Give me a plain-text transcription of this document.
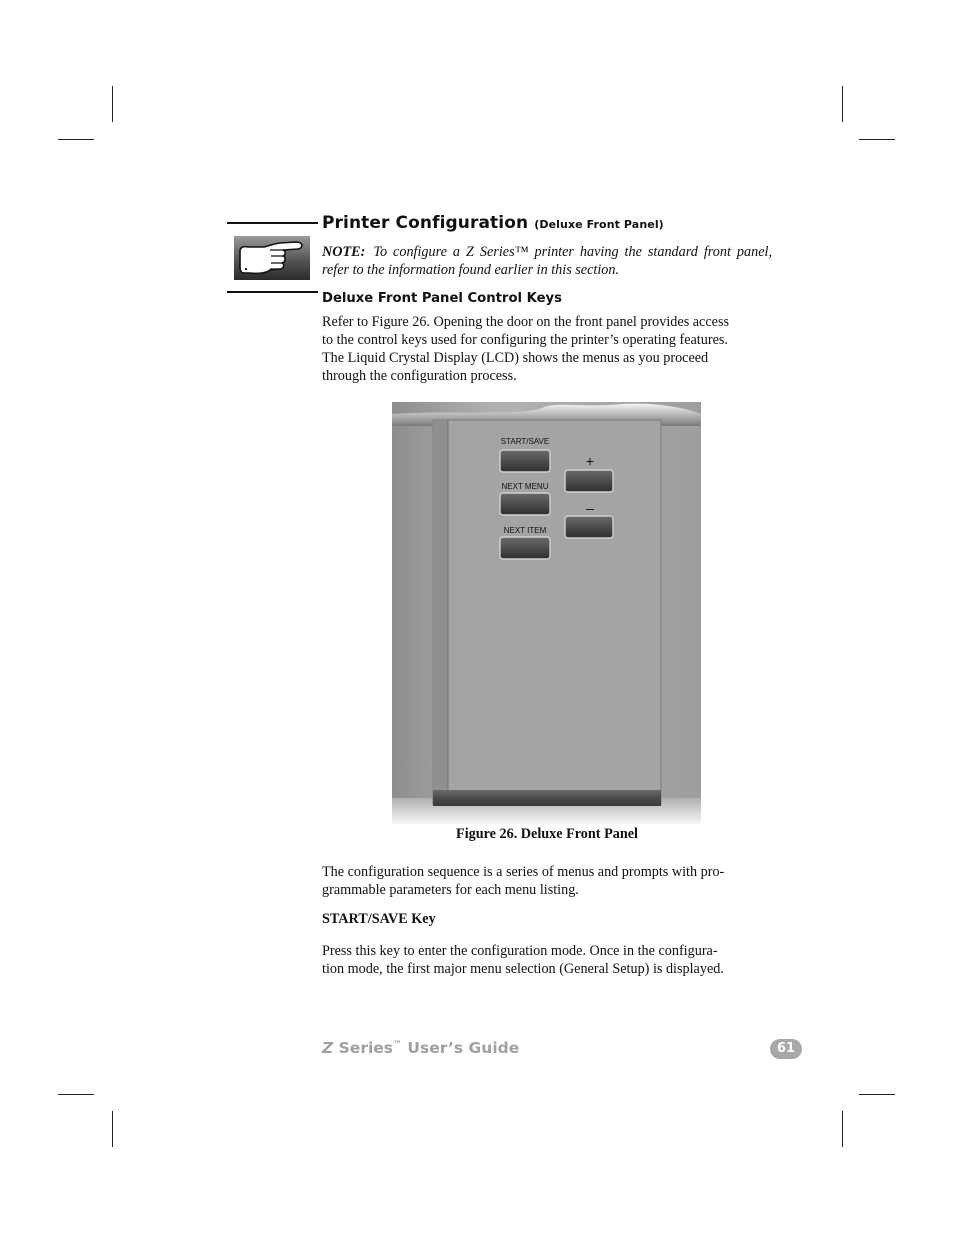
Printer Configuration (Deluxe Front Panel)
NOTE: To configure a Z Series™ printer having the standard front panel, refer to the information found earlier in this section.
Deluxe Front Panel Control Keys
Refer to Figure 26. Opening the door on the front panel provides access
to the control keys used for configuring the printer’s operating features.
The Liquid Crystal Display (LCD) shows the menus as you proceed
through the configuration process.
START/SAVE
NEXT MENU
NEXT ITEM
+
–
Figure 26. Deluxe Front Panel
The configuration sequence is a series of menus and prompts with pro-
grammable parameters for each menu listing.
START/SAVE Key
Press this key to enter the configuration mode. Once in the configura-
tion mode, the first major menu selection (General Setup) is displayed.
Z Series™ User’s Guide	61
